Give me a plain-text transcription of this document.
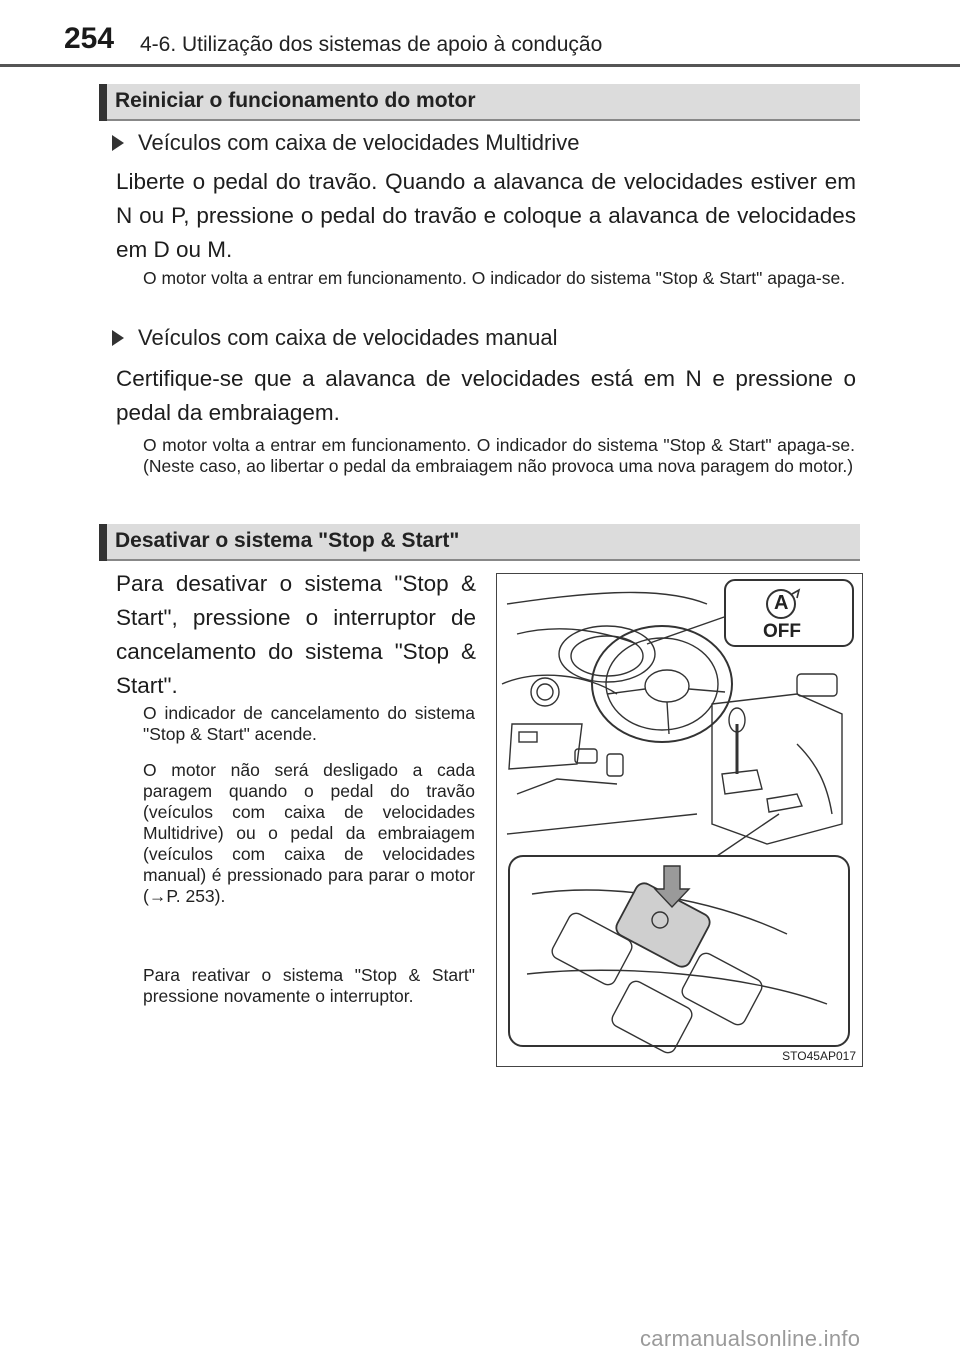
254 4-6. Utilização dos sistemas de apoio à condução
Reiniciar o funcionamento do motor
Veículos com caixa de velocidades Multidrive
Liberte o pedal do travão. Quando a alavanca de velocidades estiver em N ou P, pressione o pedal do travão e coloque a alavanca de velocidades em D ou M.
O motor volta a entrar em funcionamento. O indicador do sistema "Stop & Start" apaga-se.
Veículos com caixa de velocidades manual
Certifique-se que a alavanca de velocidades está em N e pressione o pedal da embraiagem.
O motor volta a entrar em funcionamento. O indicador do sistema "Stop & Start" apaga-se. (Neste caso, ao libertar o pedal da embraiagem não provoca uma nova paragem do motor.)
Desativar o sistema "Stop & Start"
Para desativar o sistema "Stop & Start", pressione o interruptor de cancelamento do sistema "Stop & Start".
O indicador de cancelamento do sistema "Stop & Start" acende.
O motor não será desligado a cada paragem quando o pedal do travão (veículos com caixa de velocidades Multidrive) ou o pedal da embraiagem (veículos com caixa de velocidades manual) é pressionado para parar o motor (→P. 253).
Para reativar o sistema "Stop & Start" pressione novamente o interruptor.
A
OFF
STO45AP017
carmanualsonline.info
